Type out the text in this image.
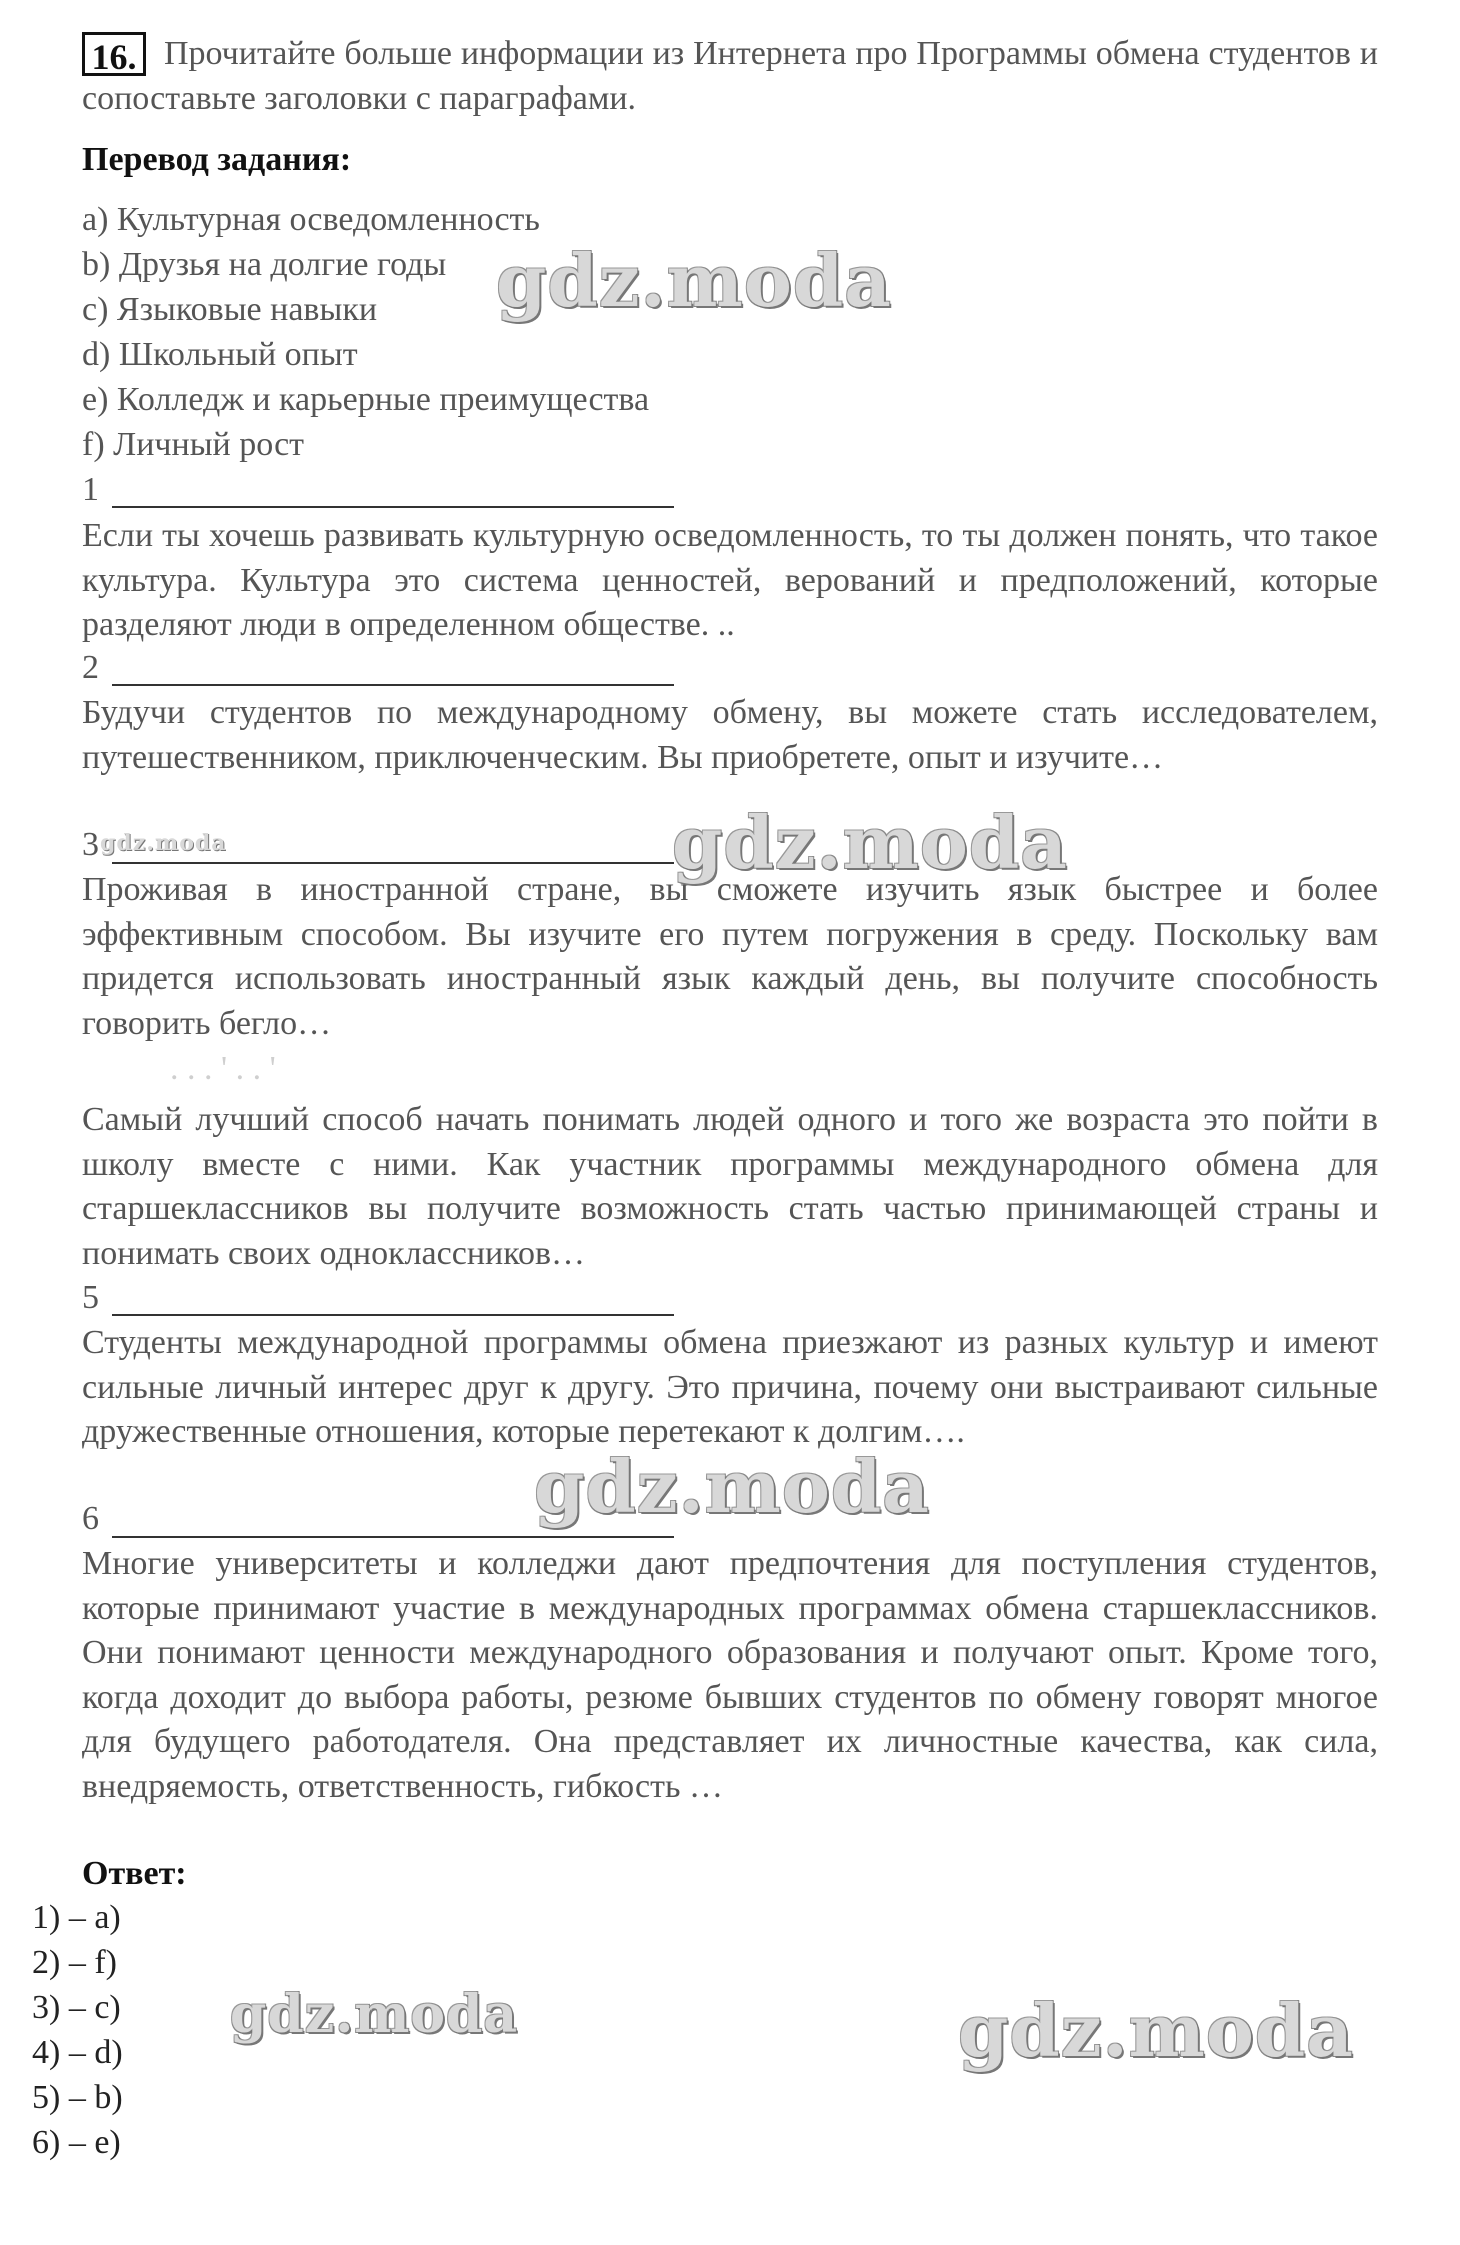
16. Прочитайте больше информации из Интернета про Программы обмена студентов и сопоставьте заголовки с параграфами.
Перевод задания:
a) Культурная осведомленность
b) Друзья на долгие годы
c) Языковые навыки
d) Школьный опыт
e) Колледж и карьерные преимущества
f) Личный рост
1
Если ты хочешь развивать культурную осведомленность, то ты должен понять, что такое культура. Культура это система ценностей, верований и предположений, которые разделяют люди в определенном обществе. ..
2
Будучи студентов по международному обмену, вы можете стать исследователем, путешественником, приключенческим. Вы приобретете, опыт и изучите…
3
Проживая в иностранной стране, вы сможете изучить язык быстрее и более эффективным способом. Вы изучите его путем погружения в среду. Поскольку вам придется использовать иностранный язык каждый день, вы получите способность говорить бегло…
. . . ' . . '
Самый лучший способ начать понимать людей одного и того же возраста это пойти в школу вместе с ними. Как участник программы международного обмена для старшеклассников вы получите возможность стать частью принимающей страны и понимать своих одноклассников…
5
Студенты международной программы обмена приезжают из разных культур и имеют сильные личный интерес друг к другу. Это причина, почему они выстраивают сильные дружественные отношения, которые перетекают к долгим….
6
Многие университеты и колледжи дают предпочтения для поступления студентов, которые принимают участие в международных программах обмена старшеклассников. Они понимают ценности международного образования и получают опыт. Кроме того, когда доходит до выбора работы, резюме бывших студентов по обмену говорят многое для будущего работодателя. Она представляет их личностные качества, как сила, внедряемость, ответственность, гибкость …
Ответ:
1) – a)
2) – f)
3) – c)
4) – d)
5) – b)
6) – e)
gdz.moda
gdz.moda
gdz.moda
gdz.moda
gdz.moda	gdz.moda
